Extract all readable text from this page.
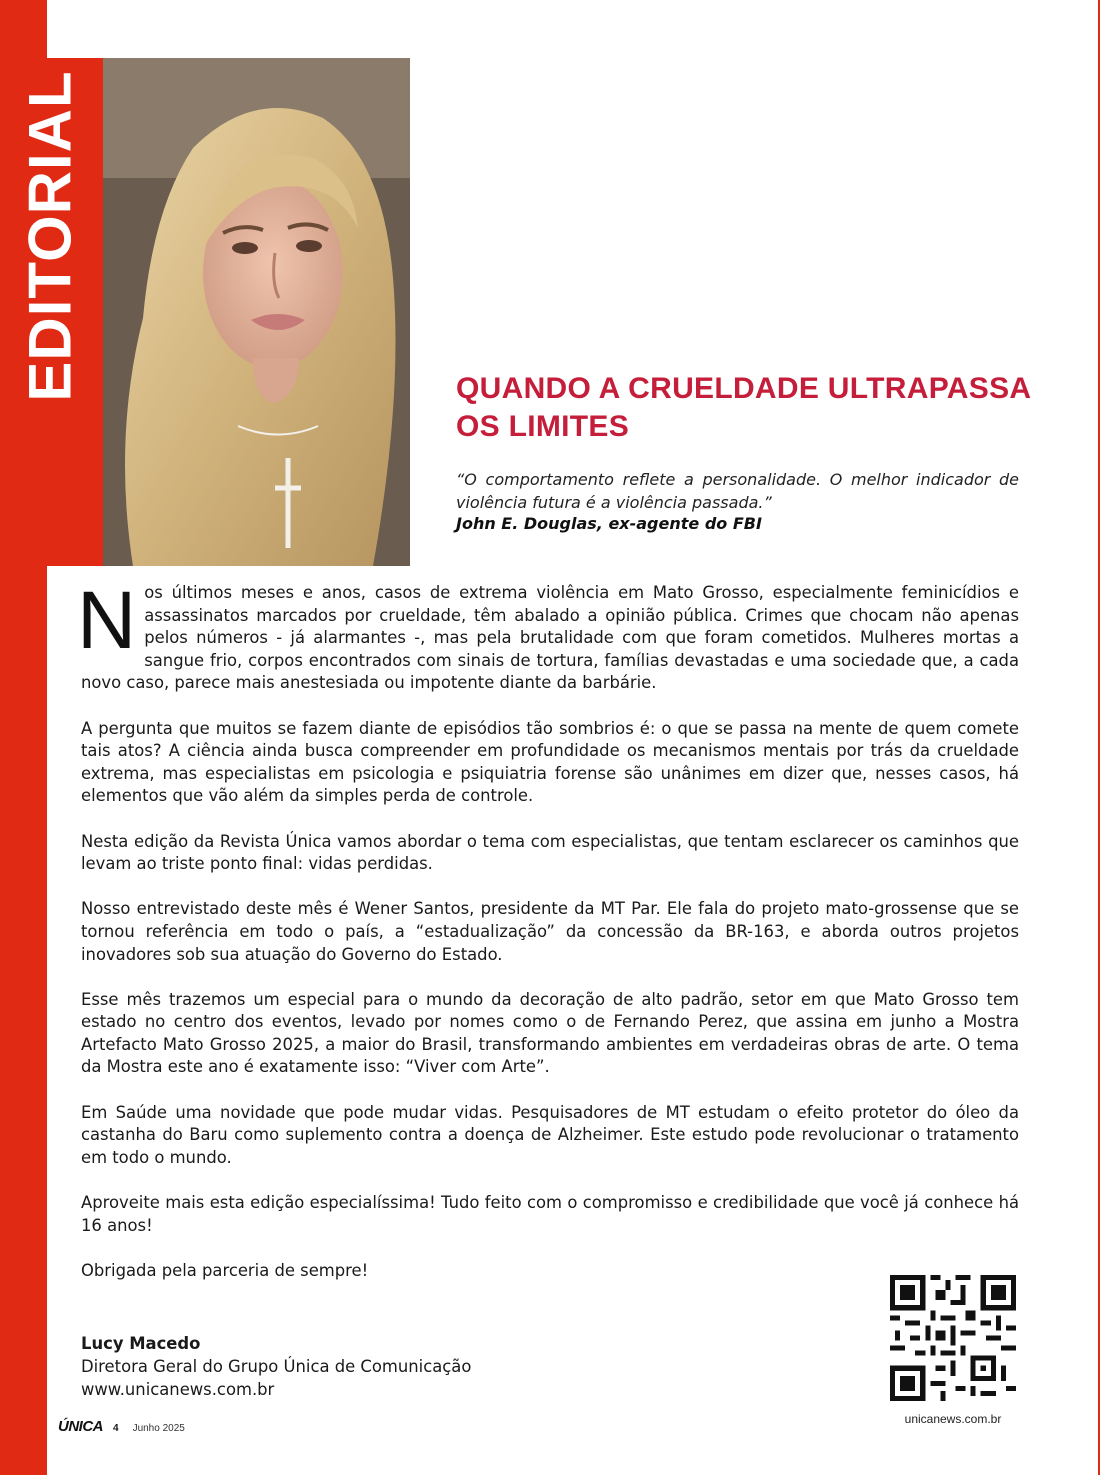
EDITORIAL	QUANDO A CRUELDADE ULTRAPASSA OS LIMITES

“O comportamento reflete a personalidade. O melhor indicador de violência futura é a violência passada.”

John E. Douglas, ex-agente do FBI

Nos últimos meses e anos, casos de extrema violência em Mato Grosso, especialmente feminicídios e assassinatos marcados por crueldade, têm abalado a opinião pública. Crimes que chocam não apenas pelos números - já alarmantes -, mas pela brutalidade com que foram cometidos. Mulheres mortas a sangue frio, corpos encontrados com sinais de tortura, famílias devastadas e uma sociedade que, a cada novo caso, parece mais anestesiada ou impotente diante da barbárie.

A pergunta que muitos se fazem diante de episódios tão sombrios é: o que se passa na mente de quem comete tais atos? A ciência ainda busca compreender em profundidade os mecanismos mentais por trás da crueldade extrema, mas especialistas em psicologia e psiquiatria forense são unânimes em dizer que, nesses casos, há elementos que vão além da simples perda de controle.

Nesta edição da Revista Única vamos abordar o tema com especialistas, que tentam esclarecer os caminhos que levam ao triste ponto final: vidas perdidas.

Nosso entrevistado deste mês é Wener Santos, presidente da MT Par. Ele fala do projeto mato-grossense que se tornou referência em todo o país, a “estadualização” da concessão da BR-163, e aborda outros projetos inovadores sob sua atuação do Governo do Estado.

Esse mês trazemos um especial para o mundo da decoração de alto padrão, setor em que Mato Grosso tem estado no centro dos eventos, levado por nomes como o de Fernando Perez, que assina em junho a Mostra Artefacto Mato Grosso 2025, a maior do Brasil, transformando ambientes em verdadeiras obras de arte. O tema da Mostra este ano é exatamente isso: “Viver com Arte”.

Em Saúde uma novidade que pode mudar vidas. Pesquisadores de MT estudam o efeito protetor do óleo da castanha do Baru como suplemento contra a doença de Alzheimer. Este estudo pode revolucionar o tratamento em todo o mundo.

Aproveite mais esta edição especialíssima! Tudo feito com o compromisso e credibilidade que você já conhece há 16 anos!

Obrigada pela parceria de sempre!

Lucy Macedo
Diretora Geral do Grupo Única de Comunicação
www.unicanews.com.br
unicanews.com.br
ÚNICA 4 Junho 2025
